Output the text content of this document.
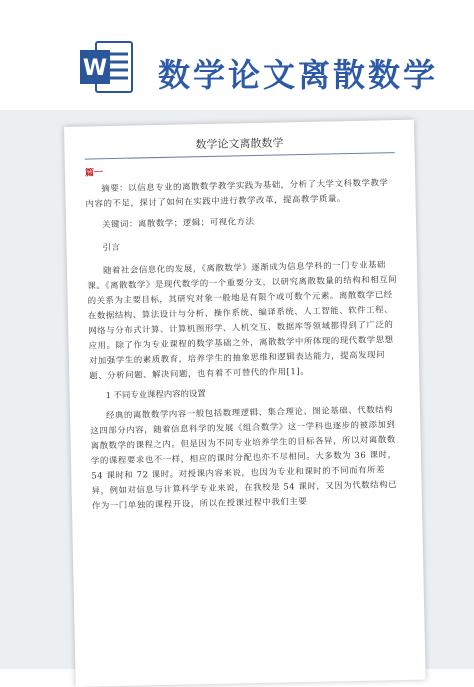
W 数学论文离散数学
数学论文离散数学
篇一

摘要：以信息专业的离散数学教学实践为基础，分析了大学文科数学教学内容的不足，探讨了如何在实践中进行教学改革，提高教学质量。

关键词：离散数学；逻辑；可视化方法

引言

随着社会信息化的发展，《离散数学》逐渐成为信息学科的一门专业基础课。《离散数学》是现代数学的一个重要分支，以研究离散数量的结构和相互间的关系为主要目标，其研究对象一般地是有限个或可数个元素。离散数学已经在数据结构、算法设计与分析、操作系统、编译系统、人工智能、软件工程、网络与分布式计算、计算机图形学、人机交互、数据库等领域都得到了广泛的应用。除了作为专业课程的数学基础之外，离散数学中所体现的现代数学思想对加强学生的素质教育，培养学生的抽象思维和逻辑表达能力，提高发现问题、分析问题、解决问题，也有着不可替代的作用[1]。

1 不同专业课程内容的设置

经典的离散数学内容一般包括数理逻辑、集合理论、图论基础、代数结构这四部分内容，随着信息科学的发展《组合数学》这一学科也逐步的被添加到离散数学的课程之内。但是因为不同专业培养学生的目标各异，所以对离散数学的课程要求也不一样，相应的课时分配也亦不尽相同。大多数为 36 课时，54 课时和 72 课时。对授课内容来说，也因为专业和课时的不同而有所差异，例如对信息与计算科学专业来说，在我校是 54 课时，又因为代数结构已作为一门单独的课程开设，所以在授课过程中我们主要
